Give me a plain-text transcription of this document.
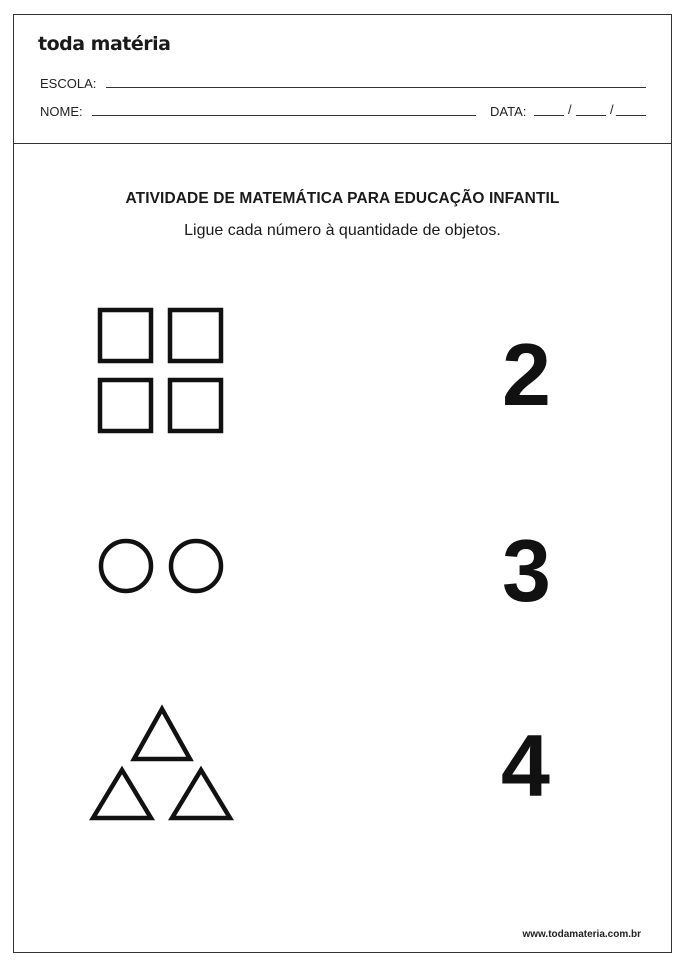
toda matéria
ESCOLA:
NOME:	DATA:	/	/
ATIVIDADE DE MATEMÁTICA PARA EDUCAÇÃO INFANTIL
Ligue cada número à quantidade de objetos.
2
3
4
www.todamateria.com.br
